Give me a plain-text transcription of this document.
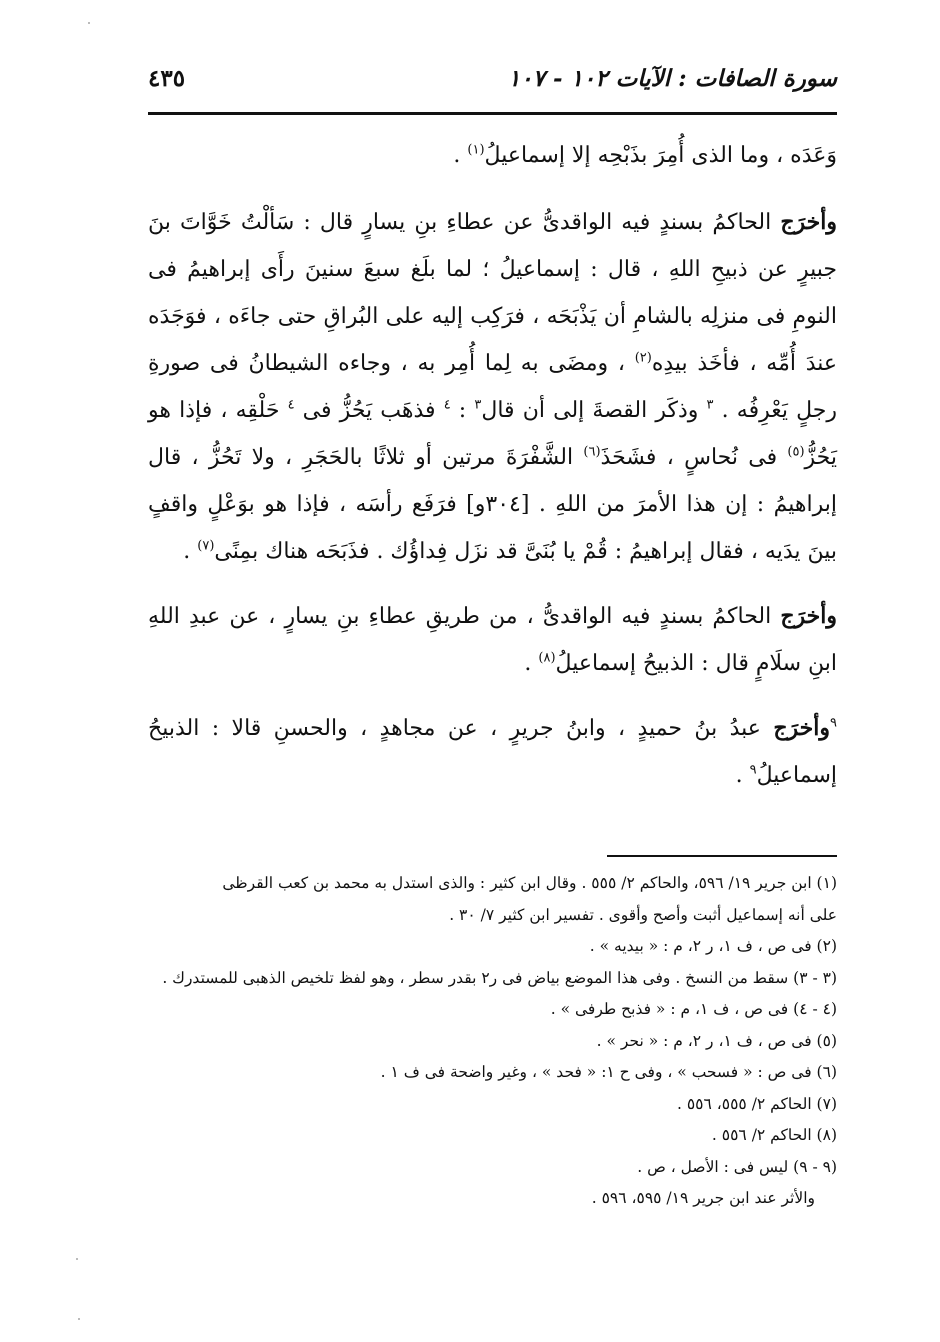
سورة الصافات : الآيات ١٠٢ - ١٠٧
٤٣٥

وَعَدَه ، وما الذى أُمِرَ بذَبْحِه إلا إسماعيلُ$^{(١)}$ .

وأخرَج الحاكمُ بسندٍ فيه الواقدىُّ عن عطاءِ بنِ يسارٍ قال : سَألْتُ خَوَّاتَ بنَ جبيرٍ عن ذبيحِ اللهِ ، قال : إسماعيلُ ؛ لما بلَغ سبعَ سنينَ رأَى إبراهيمُ فى النومِ فى منزلِه بالشامِ أن يَذْبَحَه ، فرَكِب إليه على البُراقِ حتى جاءَه ، فوَجَدَه عندَ أُمِّه ، فأخَذ بيدِه$^{(٢)}$ ، ومضَى به لِما أُمِر به ، وجاءه الشيطانُ فى صورةِ رجلٍ يَعْرِفُه . $^٣$ وذكَر القصةَ إلى أن قال$^٣$ : $^٤$ فذهَب يَحُزُّ فى $^٤$ حَلْقِه ، فإذا هو يَحُزُّ$^{(٥)}$ فى نُحاسٍ ، فشَحَذَ$^{(٦)}$ الشَّفْرَةَ مرتين أو ثلاثًا بالحَجَرِ ، ولا تَحُزُّ ، قال إبراهيمُ : إن هذا الأمرَ من اللهِ . [٣٠٤و] فرَفَع رأسَه ، فإذا هو بوَعْلٍ واقفٍ بينَ يدَيه ، فقال إبراهيمُ : قُمْ يا بُنَىَّ قد نزَل فِداؤُك . فذَبَحَه هناك بمِنًى$^{(٧)}$ .

وأخرَج الحاكمُ بسندٍ فيه الواقدىُّ ، من طريقِ عطاءِ بنِ يسارٍ ، عن عبدِ اللهِ ابنِ سلَامٍ قال : الذبيحُ إسماعيلُ$^{(٨)}$ .

$^٩$وأخرَج عبدُ بنُ حميدٍ ، وابنُ جريرٍ ، عن مجاهدٍ ، والحسنِ قالا : الذبيحُ إسماعيلُ$^٩$ .

(١) ابن جرير ١٩/ ٥٩٦، والحاكم ٢/ ٥٥٥ . وقال ابن كثير : والذى استدل به محمد بن كعب القرظى

على أنه إسماعيل أثبت وأصح وأقوى . تفسير ابن كثير ٧/ ٣٠ .

(٢) فى ص ، ف ١، ر ٢، م : « بيديه » .

(٣ - ٣) سقط من النسخ . وفى هذا الموضع بياض فى ر٢ بقدر سطر ، وهو لفظ تلخيص الذهبى للمستدرك .

(٤ - ٤) فى ص ، ف ١، م : « فذبح طرفى » .

(٥) فى ص ، ف ١، ر ٢، م : « نحر » .

(٦) فى ص : « فسحب » ، وفى ح ١: « فحد » ، وغير واضحة فى ف ١ .

(٧) الحاكم ٢/ ٥٥٥، ٥٥٦ .

(٨) الحاكم ٢/ ٥٥٦ .

(٩ - ٩) ليس فى : الأصل ، ص .

والأثر عند ابن جرير ١٩/ ٥٩٥، ٥٩٦ .
